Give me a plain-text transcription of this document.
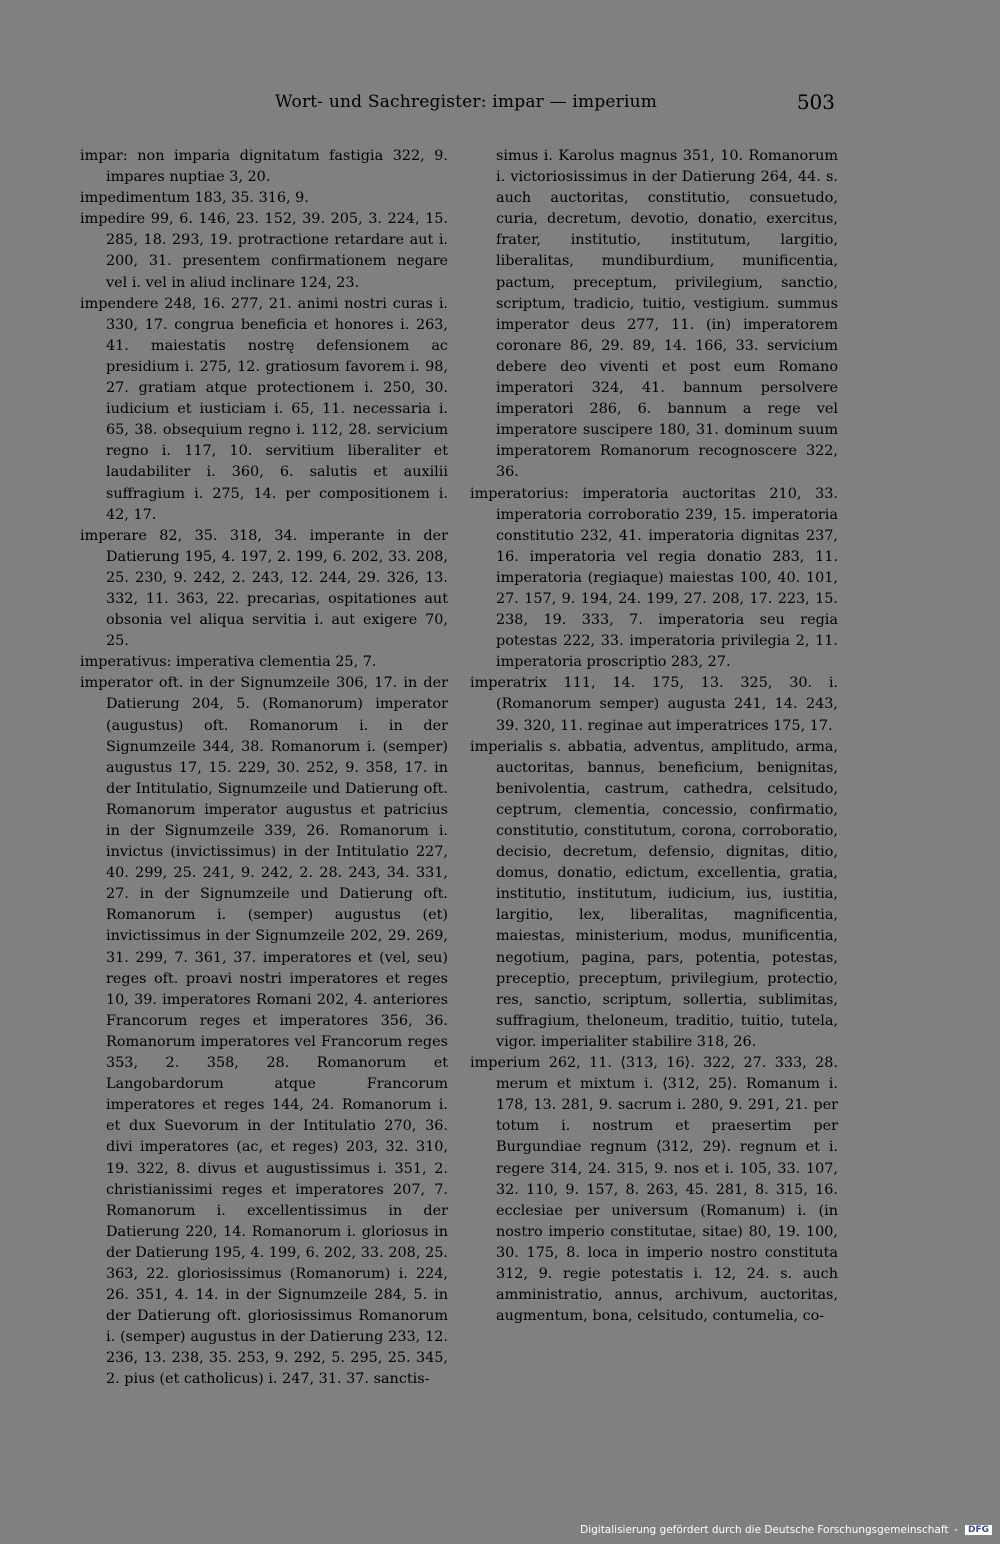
Wort- und Sachregister: impar — imperium	503

impar: non imparia dignitatum fastigia 322, 9. impares nuptiae 3, 20.

impedimentum 183, 35. 316, 9.

impedire 99, 6. 146, 23. 152, 39. 205, 3. 224, 15. 285, 18. 293, 19. protractione retardare aut i. 200, 31. presentem confirmationem negare vel i. vel in aliud inclinare 124, 23.

impendere 248, 16. 277, 21. animi nostri curas i. 330, 17. congrua beneficia et honores i. 263, 41. maiestatis nostrę defensionem ac presidium i. 275, 12. gratiosum favorem i. 98, 27. gratiam atque protectionem i. 250, 30. iudicium et iusticiam i. 65, 11. necessaria i. 65, 38. obsequium regno i. 112, 28. servicium regno i. 117, 10. servitium liberaliter et laudabiliter i. 360, 6. salutis et auxilii suffragium i. 275, 14. per compositionem i. 42, 17.

imperare 82, 35. 318, 34. imperante in der Datierung 195, 4. 197, 2. 199, 6. 202, 33. 208, 25. 230, 9. 242, 2. 243, 12. 244, 29. 326, 13. 332, 11. 363, 22. precarias, ospitationes aut obsonia vel aliqua servitia i. aut exigere 70, 25.

imperativus: imperativa clementia 25, 7.

imperator oft. in der Signumzeile 306, 17. in der Datierung 204, 5. (Romanorum) imperator (augustus) oft. Romanorum i. in der Signumzeile 344, 38. Romanorum i. (semper) augustus 17, 15. 229, 30. 252, 9. 358, 17. in der Intitulatio, Signumzeile und Datierung oft. Romanorum imperator augustus et patricius in der Signumzeile 339, 26. Romanorum i. invictus (invictissimus) in der Intitulatio 227, 40. 299, 25. 241, 9. 242, 2. 28. 243, 34. 331, 27. in der Signumzeile und Datierung oft. Romanorum i. (semper) augustus (et) invictissimus in der Signumzeile 202, 29. 269, 31. 299, 7. 361, 37. imperatores et (vel, seu) reges oft. proavi nostri imperatores et reges 10, 39. imperatores Romani 202, 4. anteriores Francorum reges et imperatores 356, 36. Romanorum imperatores vel Francorum reges 353, 2. 358, 28. Romanorum et Langobardorum atque Francorum imperatores et reges 144, 24. Romanorum i. et dux Suevorum in der Intitulatio 270, 36. divi imperatores (ac, et reges) 203, 32. 310, 19. 322, 8. divus et augustissimus i. 351, 2. christianissimi reges et imperatores 207, 7. Romanorum i. excellentissimus in der Datierung 220, 14. Romanorum i. gloriosus in der Datierung 195, 4. 199, 6. 202, 33. 208, 25. 363, 22. gloriosissimus (Romanorum) i. 224, 26. 351, 4. 14. in der Signumzeile 284, 5. in der Datierung oft. gloriosissimus Romanorum i. (semper) augustus in der Datierung 233, 12. 236, 13. 238, 35. 253, 9. 292, 5. 295, 25. 345, 2. pius (et catholicus) i. 247, 31. 37. sanctis-

simus i. Karolus magnus 351, 10. Romanorum i. victoriosissimus in der Datierung 264, 44. s. auch auctoritas, constitutio, consuetudo, curia, decretum, devotio, donatio, exercitus, frater, institutio, institutum, largitio, liberalitas, mundiburdium, munificentia, pactum, preceptum, privilegium, sanctio, scriptum, tradicio, tuitio, vestigium. summus imperator deus 277, 11. (in) imperatorem coronare 86, 29. 89, 14. 166, 33. servicium debere deo viventi et post eum Romano imperatori 324, 41. bannum persolvere imperatori 286, 6. bannum a rege vel imperatore suscipere 180, 31. dominum suum imperatorem Romanorum recognoscere 322, 36.

imperatorius: imperatoria auctoritas 210, 33. imperatoria corroboratio 239, 15. imperatoria constitutio 232, 41. imperatoria dignitas 237, 16. imperatoria vel regia donatio 283, 11. imperatoria (regiaque) maiestas 100, 40. 101, 27. 157, 9. 194, 24. 199, 27. 208, 17. 223, 15. 238, 19. 333, 7. imperatoria seu regia potestas 222, 33. imperatoria privilegia 2, 11. imperatoria proscriptio 283, 27.

imperatrix 111, 14. 175, 13. 325, 30. i. (Romanorum semper) augusta 241, 14. 243, 39. 320, 11. reginae aut imperatrices 175, 17.

imperialis s. abbatia, adventus, amplitudo, arma, auctoritas, bannus, beneficium, benignitas, benivolentia, castrum, cathedra, celsitudo, ceptrum, clementia, concessio, confirmatio, constitutio, constitutum, corona, corroboratio, decisio, decretum, defensio, dignitas, ditio, domus, donatio, edictum, excellentia, gratia, institutio, institutum, iudicium, ius, iustitia, largitio, lex, liberalitas, magnificentia, maiestas, ministerium, modus, munificentia, negotium, pagina, pars, potentia, potestas, preceptio, preceptum, privilegium, protectio, res, sanctio, scriptum, sollertia, sublimitas, suffragium, theloneum, traditio, tuitio, tutela, vigor. imperialiter stabilire 318, 26.

imperium 262, 11. ⟨313, 16⟩. 322, 27. 333, 28. merum et mixtum i. ⟨312, 25⟩. Romanum i. 178, 13. 281, 9. sacrum i. 280, 9. 291, 21. per totum i. nostrum et praesertim per Burgundiae regnum ⟨312, 29⟩. regnum et i. regere 314, 24. 315, 9. nos et i. 105, 33. 107, 32. 110, 9. 157, 8. 263, 45. 281, 8. 315, 16. ecclesiae per universum (Romanum) i. (in nostro imperio constitutae, sitae) 80, 19. 100, 30. 175, 8. loca in imperio nostro constituta 312, 9. regie potestatis i. 12, 24. s. auch amministratio, annus, archivum, auctoritas, augmentum, bona, celsitudo, contumelia, co-

Digitalisierung gefördert durch die Deutsche Forschungsgemeinschaft - DFG
